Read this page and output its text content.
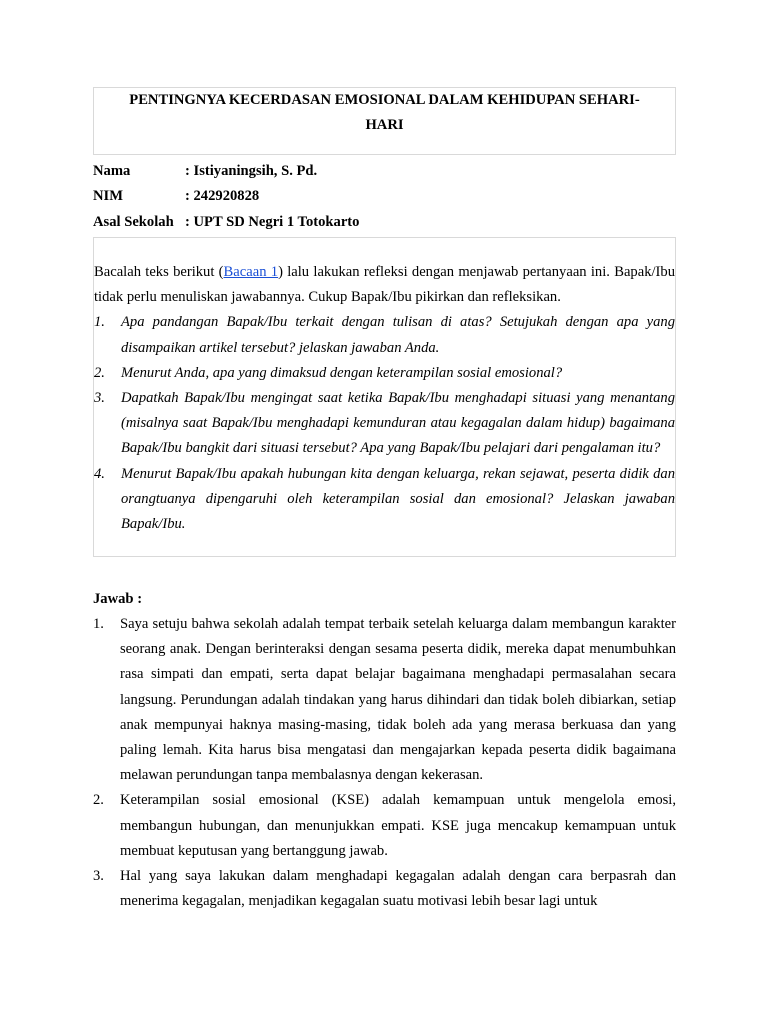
PENTINGNYA KECERDASAN EMOSIONAL DALAM KEHIDUPAN SEHARI-
HARI
Nama	: Istiyaningsih, S. Pd.
NIM	: 242920828
Asal Sekolah : UPT SD Negri 1 Totokarto
Bacalah teks berikut (Bacaan 1) lalu lakukan refleksi dengan menjawab pertanyaan ini. Bapak/Ibu tidak perlu menuliskan jawabannya. Cukup Bapak/Ibu pikirkan dan refleksikan.
1. Apa pandangan Bapak/Ibu terkait dengan tulisan di atas? Setujukah dengan apa yang disampaikan artikel tersebut? jelaskan jawaban Anda.
2. Menurut Anda, apa yang dimaksud dengan keterampilan sosial emosional?
3. Dapatkah Bapak/Ibu mengingat saat ketika Bapak/Ibu menghadapi situasi yang menantang (misalnya saat Bapak/Ibu menghadapi kemunduran atau kegagalan dalam hidup) bagaimana Bapak/Ibu bangkit dari situasi tersebut? Apa yang Bapak/Ibu pelajari dari pengalaman itu?
4. Menurut Bapak/Ibu apakah hubungan kita dengan keluarga, rekan sejawat, peserta didik dan orangtuanya dipengaruhi oleh keterampilan sosial dan emosional? Jelaskan jawaban Bapak/Ibu.
Jawab :
1. Saya setuju bahwa sekolah adalah tempat terbaik setelah keluarga dalam membangun karakter seorang anak. Dengan berinteraksi dengan sesama peserta didik, mereka dapat menumbuhkan rasa simpati dan empati, serta dapat belajar bagaimana menghadapi permasalahan secara langsung. Perundungan adalah tindakan yang harus dihindari dan tidak boleh dibiarkan, setiap anak mempunyai haknya masing-masing, tidak boleh ada yang merasa berkuasa dan yang paling lemah. Kita harus bisa mengatasi dan mengajarkan kepada peserta didik bagaimana melawan perundungan tanpa membalasnya dengan kekerasan.
2. Keterampilan sosial emosional (KSE) adalah kemampuan untuk mengelola emosi, membangun hubungan, dan menunjukkan empati. KSE juga mencakup kemampuan untuk membuat keputusan yang bertanggung jawab.
3. Hal yang saya lakukan dalam menghadapi kegagalan adalah dengan cara berpasrah dan menerima kegagalan, menjadikan kegagalan suatu motivasi lebih besar lagi untuk
